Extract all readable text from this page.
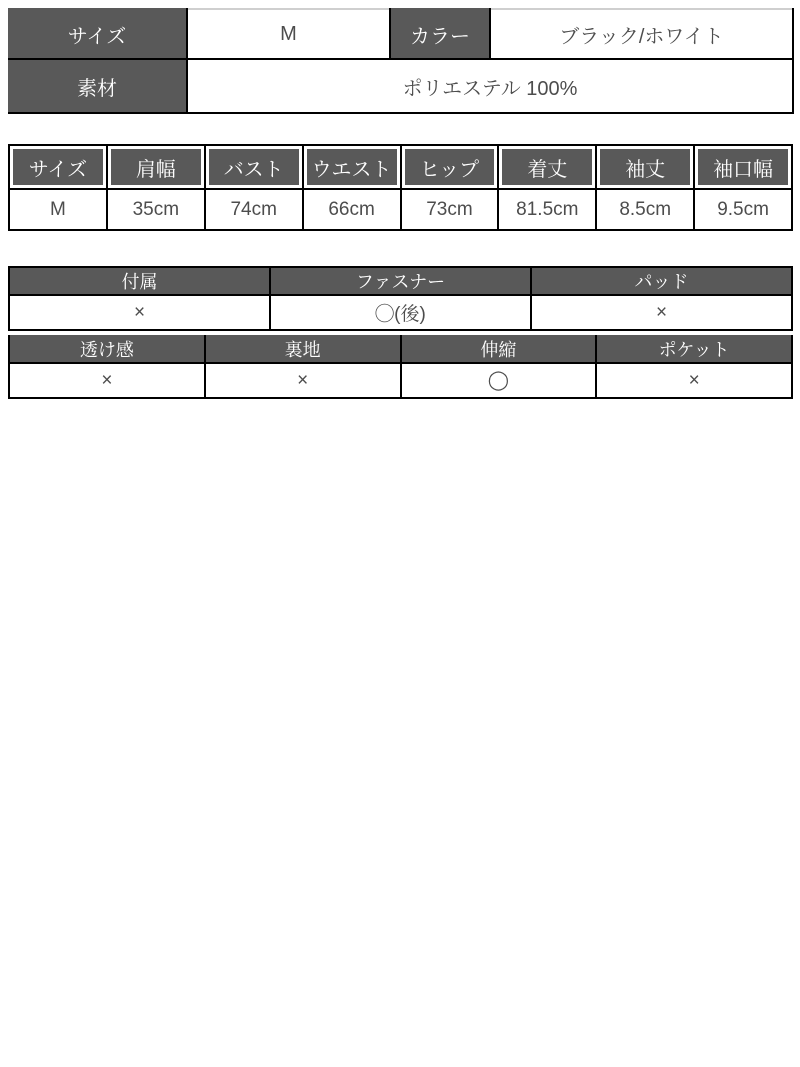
サイズ	M	カラー	ブラック/ホワイト
素材	ポリエステル 100%		
サイズ	肩幅	バスト	ウエスト	ヒップ	着丈	袖丈	袖口幅
M	35cm	74cm	66cm	73cm	81.5cm	8.5cm	9.5cm
付属	ファスナー	パッド
×	◯(後)	×
透け感	裏地	伸縮	ポケット
×	×	◯	×
